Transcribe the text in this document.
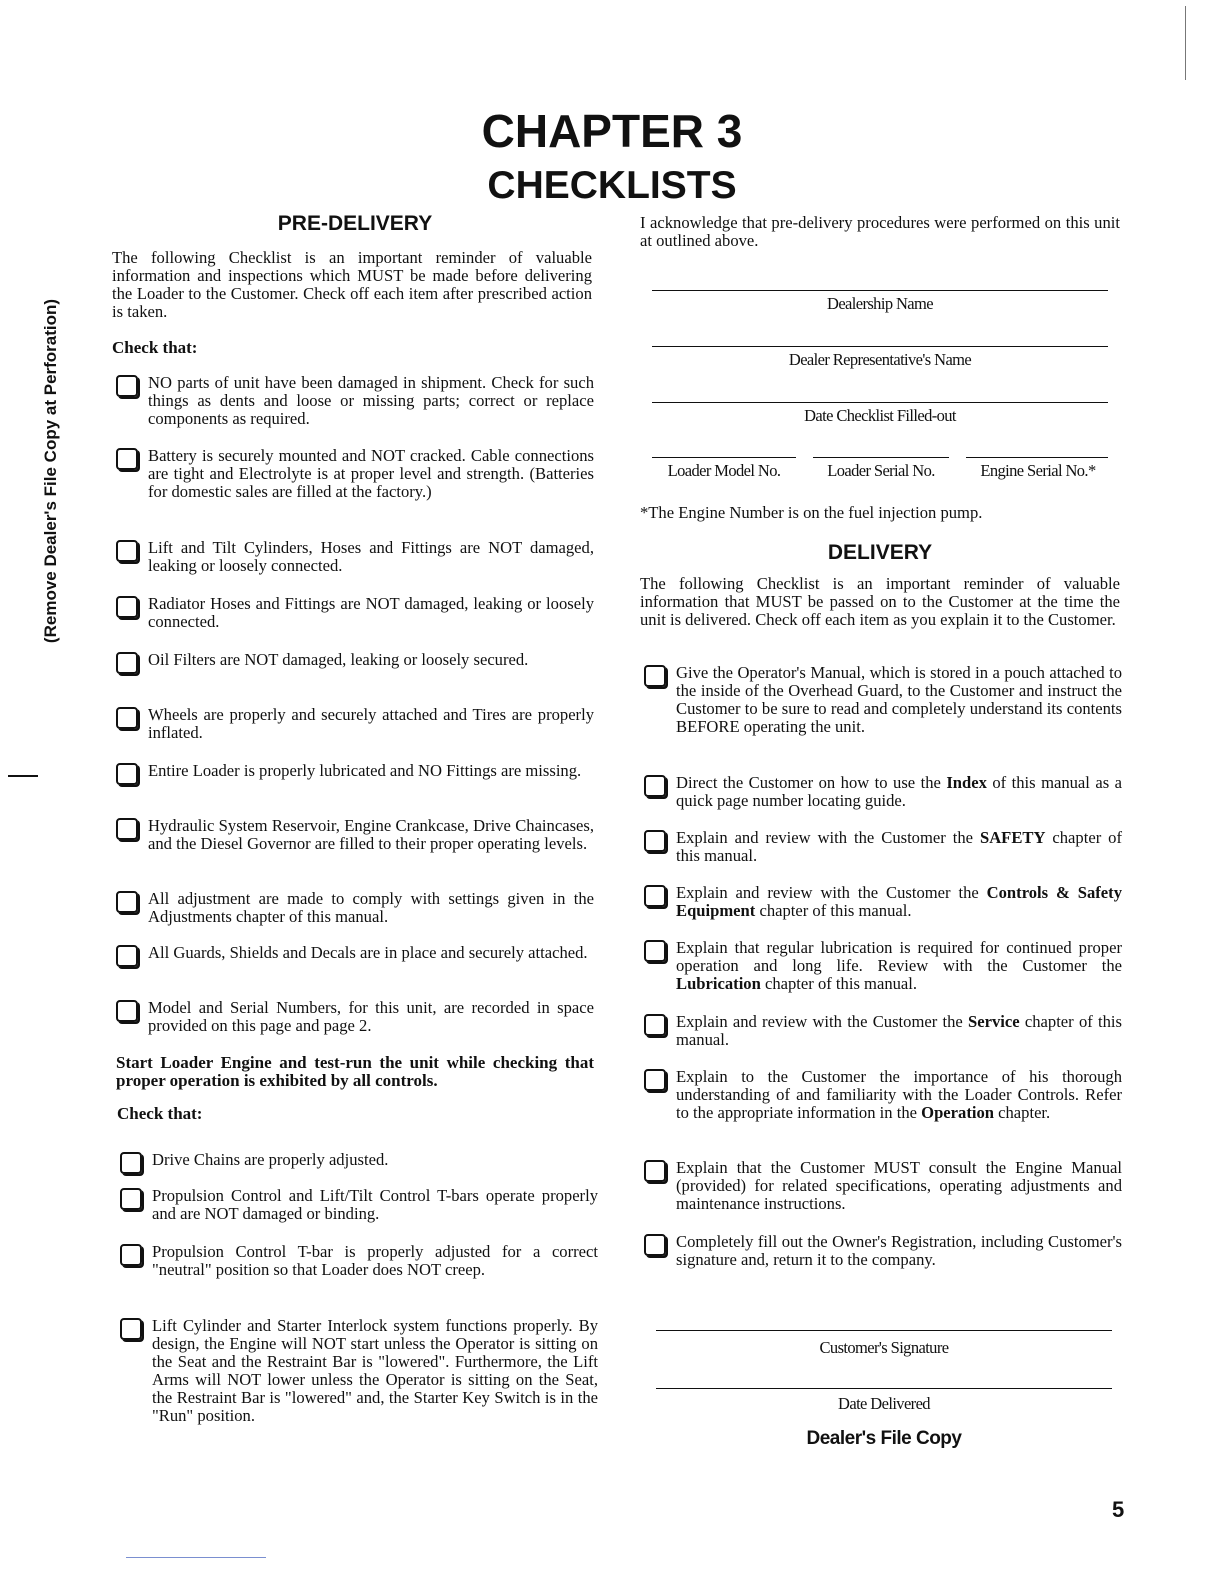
CHAPTER 3
CHECKLISTS
(Remove Dealer's File Copy at Perforation)
PRE-DELIVERY

The following Checklist is an important reminder of valuable information and inspections which MUST be made before delivering the Loader to the Customer. Check off each item after prescribed action is taken.

Check that:
NO parts of unit have been damaged in shipment. Check for such things as dents and loose or missing parts; correct or replace components as required.
Battery is securely mounted and NOT cracked. Cable connections are tight and Electrolyte is at proper level and strength. (Batteries for domestic sales are filled at the factory.)
Lift and Tilt Cylinders, Hoses and Fittings are NOT damaged, leaking or loosely connected.
Radiator Hoses and Fittings are NOT damaged, leaking or loosely connected.
Oil Filters are NOT damaged, leaking or loosely secured.
Wheels are properly and securely attached and Tires are properly inflated.
Entire Loader is properly lubricated and NO Fittings are missing.
Hydraulic System Reservoir, Engine Crankcase, Drive Chaincases, and the Diesel Governor are filled to their proper operating levels.
All adjustment are made to comply with settings given in the Adjustments chapter of this manual.
All Guards, Shields and Decals are in place and securely attached.
Model and Serial Numbers, for this unit, are recorded in space provided on this page and page 2.
Start Loader Engine and test-run the unit while checking that proper operation is exhibited by all controls.
Check that:
Drive Chains are properly adjusted.
Propulsion Control and Lift/Tilt Control T-bars operate properly and are NOT damaged or binding.
Propulsion Control T-bar is properly adjusted for a correct "neutral" position so that Loader does NOT creep.
Lift Cylinder and Starter Interlock system functions properly. By design, the Engine will NOT start unless the Operator is sitting on the Seat and the Restraint Bar is "lowered". Furthermore, the Lift Arms will NOT lower unless the Operator is sitting on the Seat, the Restraint Bar is "lowered" and, the Starter Key Switch is in the "Run" position.

I acknowledge that pre-delivery procedures were performed on this unit at outlined above.

Dealership Name
Dealer Representative's Name
Date Checklist Filled-out
Loader Model No.	Loader Serial No.	Engine Serial No.*
*The Engine Number is on the fuel injection pump.
DELIVERY

The following Checklist is an important reminder of valuable information that MUST be passed on to the Customer at the time the unit is delivered. Check off each item as you explain it to the Customer.

Give the Operator's Manual, which is stored in a pouch attached to the inside of the Overhead Guard, to the Customer and instruct the Customer to be sure to read and completely understand its contents BEFORE operating the unit.
Direct the Customer on how to use the Index of this manual as a quick page number locating guide.
Explain and review with the Customer the SAFETY chapter of this manual.
Explain and review with the Customer the Controls & Safety Equipment chapter of this manual.
Explain that regular lubrication is required for continued proper operation and long life. Review with the Customer the Lubrication chapter of this manual.
Explain and review with the Customer the Service chapter of this manual.
Explain to the Customer the importance of his thorough understanding of and familiarity with the Loader Controls. Refer to the appropriate information in the Operation chapter.
Explain that the Customer MUST consult the Engine Manual (provided) for related specifications, operating adjustments and maintenance instructions.
Completely fill out the Owner's Registration, including Customer's signature and, return it to the company.
Customer's Signature
Date Delivered
Dealer's File Copy
5
